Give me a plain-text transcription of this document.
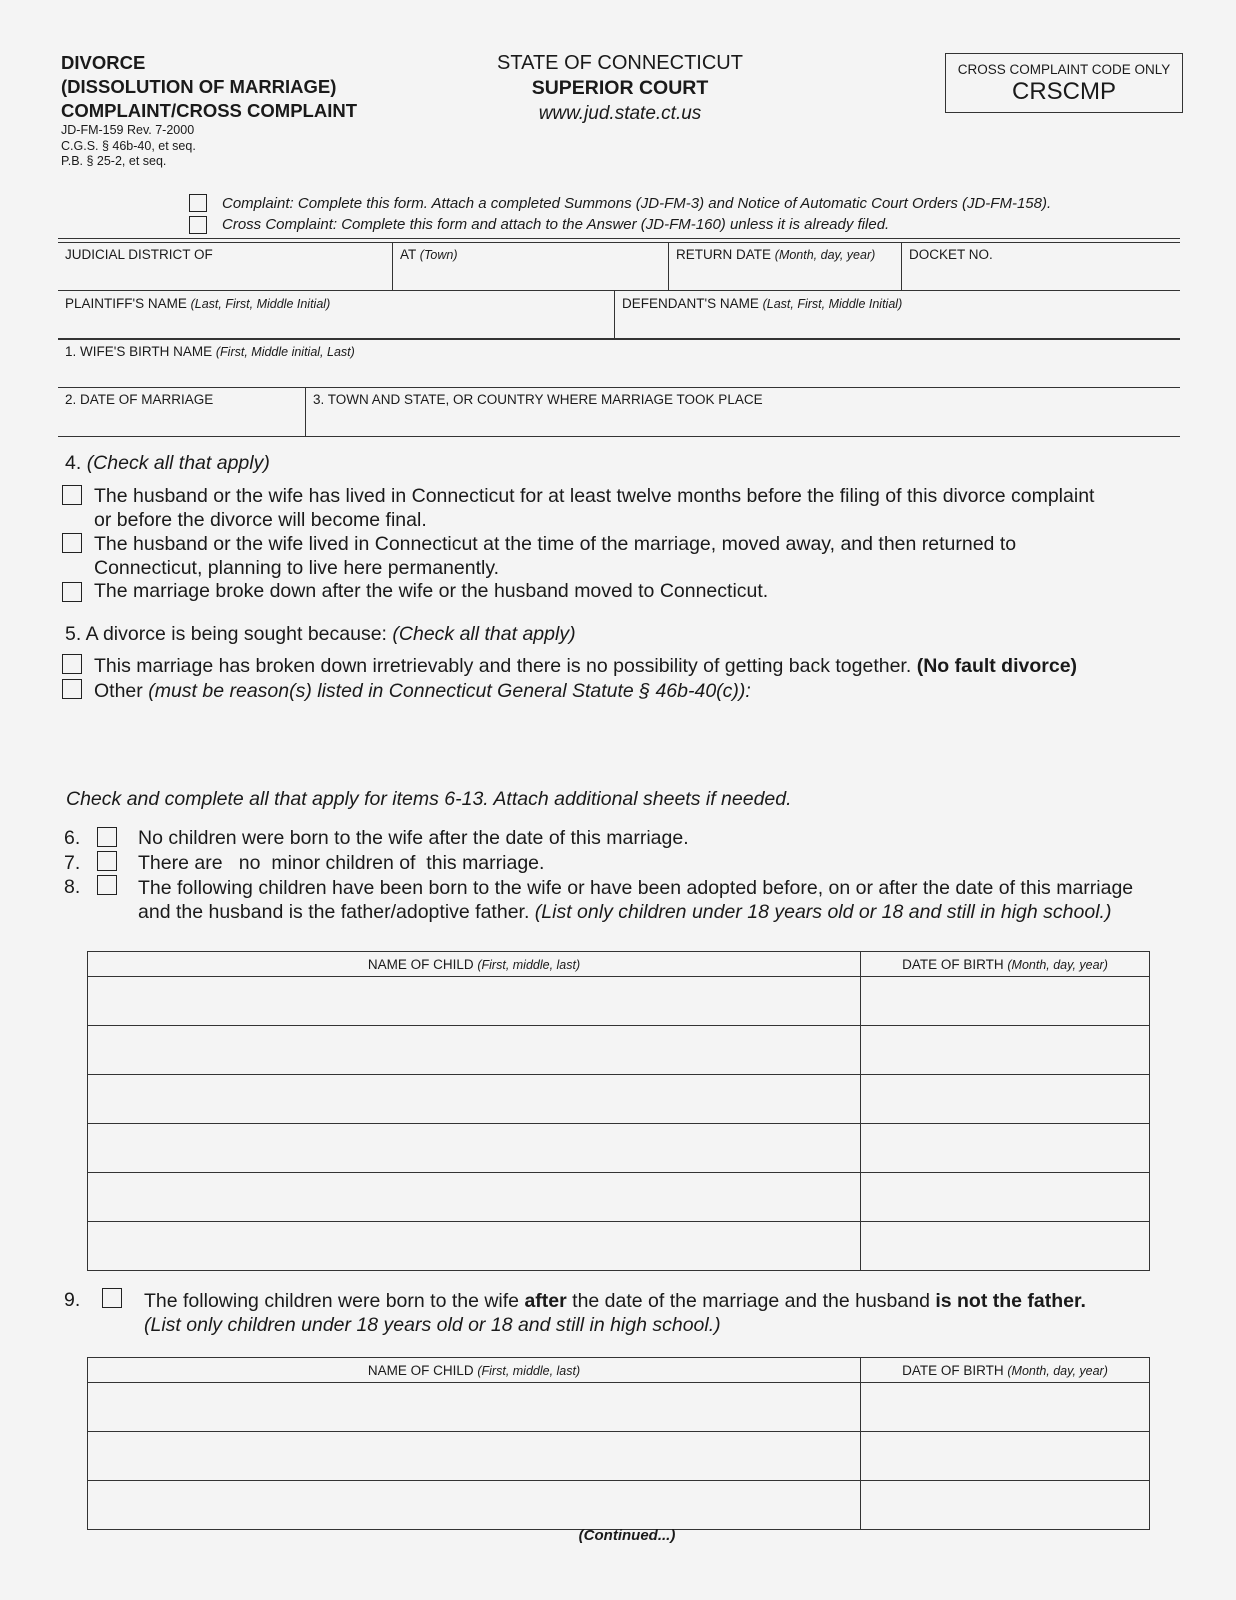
DIVORCE
(DISSOLUTION OF MARRIAGE)
COMPLAINT/CROSS COMPLAINT
JD-FM-159 Rev. 7-2000
C.G.S. § 46b-40, et seq.
P.B. § 25-2, et seq.
STATE OF CONNECTICUT
SUPERIOR COURT
www.jud.state.ct.us
CROSS COMPLAINT CODE ONLY
CRSCMP
Complaint: Complete this form. Attach a completed Summons (JD-FM-3) and Notice of Automatic Court Orders (JD-FM-158).
Cross Complaint: Complete this form and attach to the Answer (JD-FM-160) unless it is already filed.
JUDICIAL DISTRICT OF	AT (Town)	RETURN DATE (Month, day, year) DOCKET NO.
PLAINTIFF'S NAME (Last, First, Middle Initial)	DEFENDANT'S NAME (Last, First, Middle Initial)
1. WIFE'S BIRTH NAME (First, Middle initial, Last)
2. DATE OF MARRIAGE	3. TOWN AND STATE, OR COUNTRY WHERE MARRIAGE TOOK PLACE
4. (Check all that apply)
The husband or the wife has lived in Connecticut for at least twelve months before the filing of this divorce complaint
or before the divorce will become final.
The husband or the wife lived in Connecticut at the time of the marriage, moved away, and then returned to
Connecticut, planning to live here permanently.
The marriage broke down after the wife or the husband moved to Connecticut.
5. A divorce is being sought because: (Check all that apply)
This marriage has broken down irretrievably and there is no possibility of getting back together. (No fault divorce)
Other (must be reason(s) listed in Connecticut General Statute § 46b-40(c)):
Check and complete all that apply for items 6-13. Attach additional sheets if needed.
6.	No children were born to the wife after the date of this marriage.
7.	There are   no  minor children of  this marriage.
8.	The following children have been born to the wife or have been adopted before, on or after the date of this marriage
and the husband is the father/adoptive father. (List only children under 18 years old or 18 and still in high school.)
NAME OF CHILD (First, middle, last)	DATE OF BIRTH (Month, day, year)

9.	The following children were born to the wife after the date of the marriage and the husband is not the father.
(List only children under 18 years old or 18 and still in high school.)
NAME OF CHILD (First, middle, last)	DATE OF BIRTH (Month, day, year)

(Continued...)
